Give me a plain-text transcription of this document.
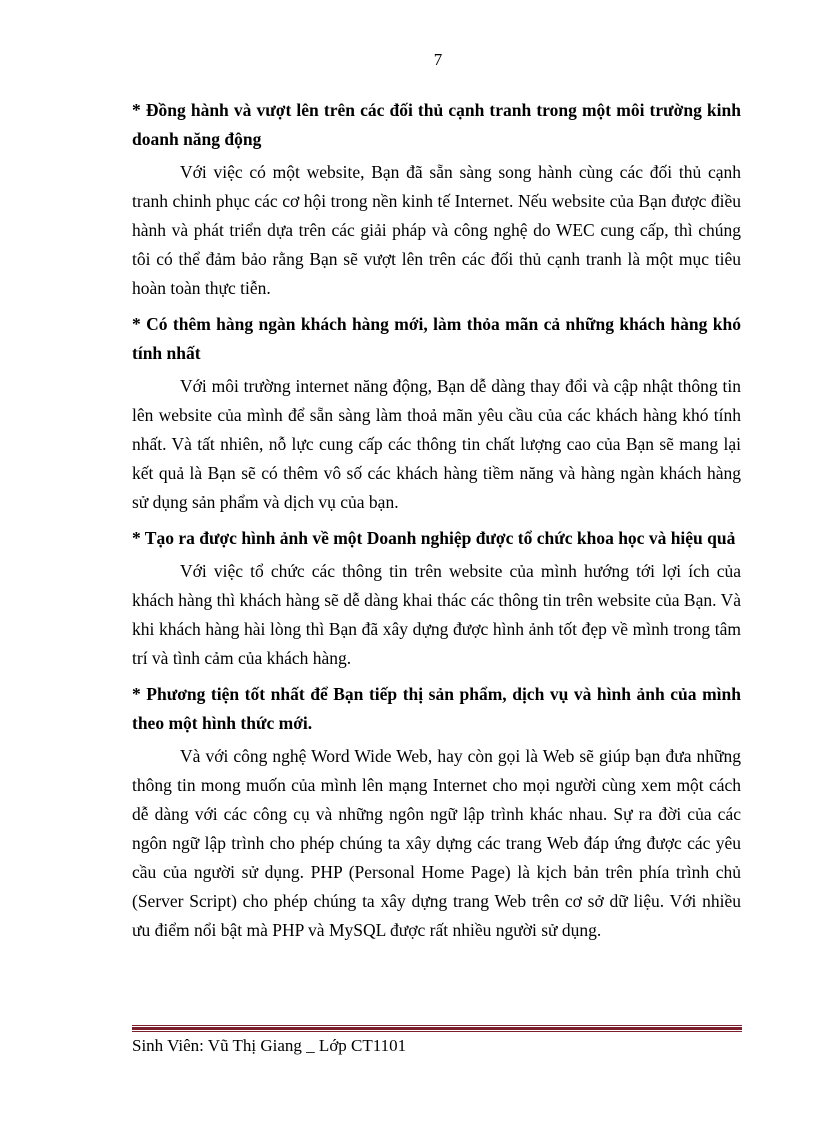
7

* Đồng hành và vượt lên trên các đối thủ cạnh tranh trong một môi trường kinh doanh năng động

Với việc có một website, Bạn đã sẵn sàng song hành cùng các đối thủ cạnh tranh chinh phục các cơ hội trong nền kinh tế Internet. Nếu website của Bạn được điều hành và phát triển dựa trên các giải pháp và công nghệ do WEC cung cấp, thì chúng tôi có thể đảm bảo rằng Bạn sẽ vượt lên trên các đối thủ cạnh tranh là một mục tiêu hoàn toàn thực tiễn.

* Có thêm hàng ngàn khách hàng mới, làm thỏa mãn cả những khách hàng khó tính nhất

Với môi trường internet năng động, Bạn dễ dàng thay đổi và cập nhật thông tin lên website của mình để sẵn sàng làm thoả mãn yêu cầu của các khách hàng khó tính nhất. Và tất nhiên, nỗ lực cung cấp các thông tin chất lượng cao của Bạn sẽ mang lại kết quả là Bạn sẽ có thêm vô số các khách hàng tiềm năng và hàng ngàn khách hàng sử dụng sản phẩm và dịch vụ của bạn.

* Tạo ra được hình ảnh về một Doanh nghiệp được tổ chức khoa học và hiệu quả

Với việc tổ chức các thông tin trên website của mình hướng tới lợi ích của khách hàng thì khách hàng sẽ dễ dàng khai thác các thông tin trên website của Bạn. Và khi khách hàng hài lòng thì Bạn đã xây dựng được hình ảnh tốt đẹp về mình trong tâm trí và tình cảm của khách hàng.

* Phương tiện tốt nhất để Bạn tiếp thị sản phẩm, dịch vụ và hình ảnh của mình theo một hình thức mới.

Và với công nghệ Word Wide Web, hay còn gọi là Web sẽ giúp bạn đưa những thông tin mong muốn của mình lên mạng Internet cho mọi người cùng xem một cách dễ dàng với các công cụ và những ngôn ngữ lập trình khác nhau. Sự ra đời của các ngôn ngữ lập trình cho phép chúng ta xây dựng các trang Web đáp ứng được các yêu cầu của người sử dụng. PHP (Personal Home Page) là kịch bản trên phía trình chủ (Server Script) cho phép chúng ta xây dựng trang Web trên cơ sở dữ liệu. Với nhiều ưu điểm nổi bật mà PHP và MySQL được rất nhiều người sử dụng.

Sinh Viên: Vũ Thị Giang _ Lớp CT1101
